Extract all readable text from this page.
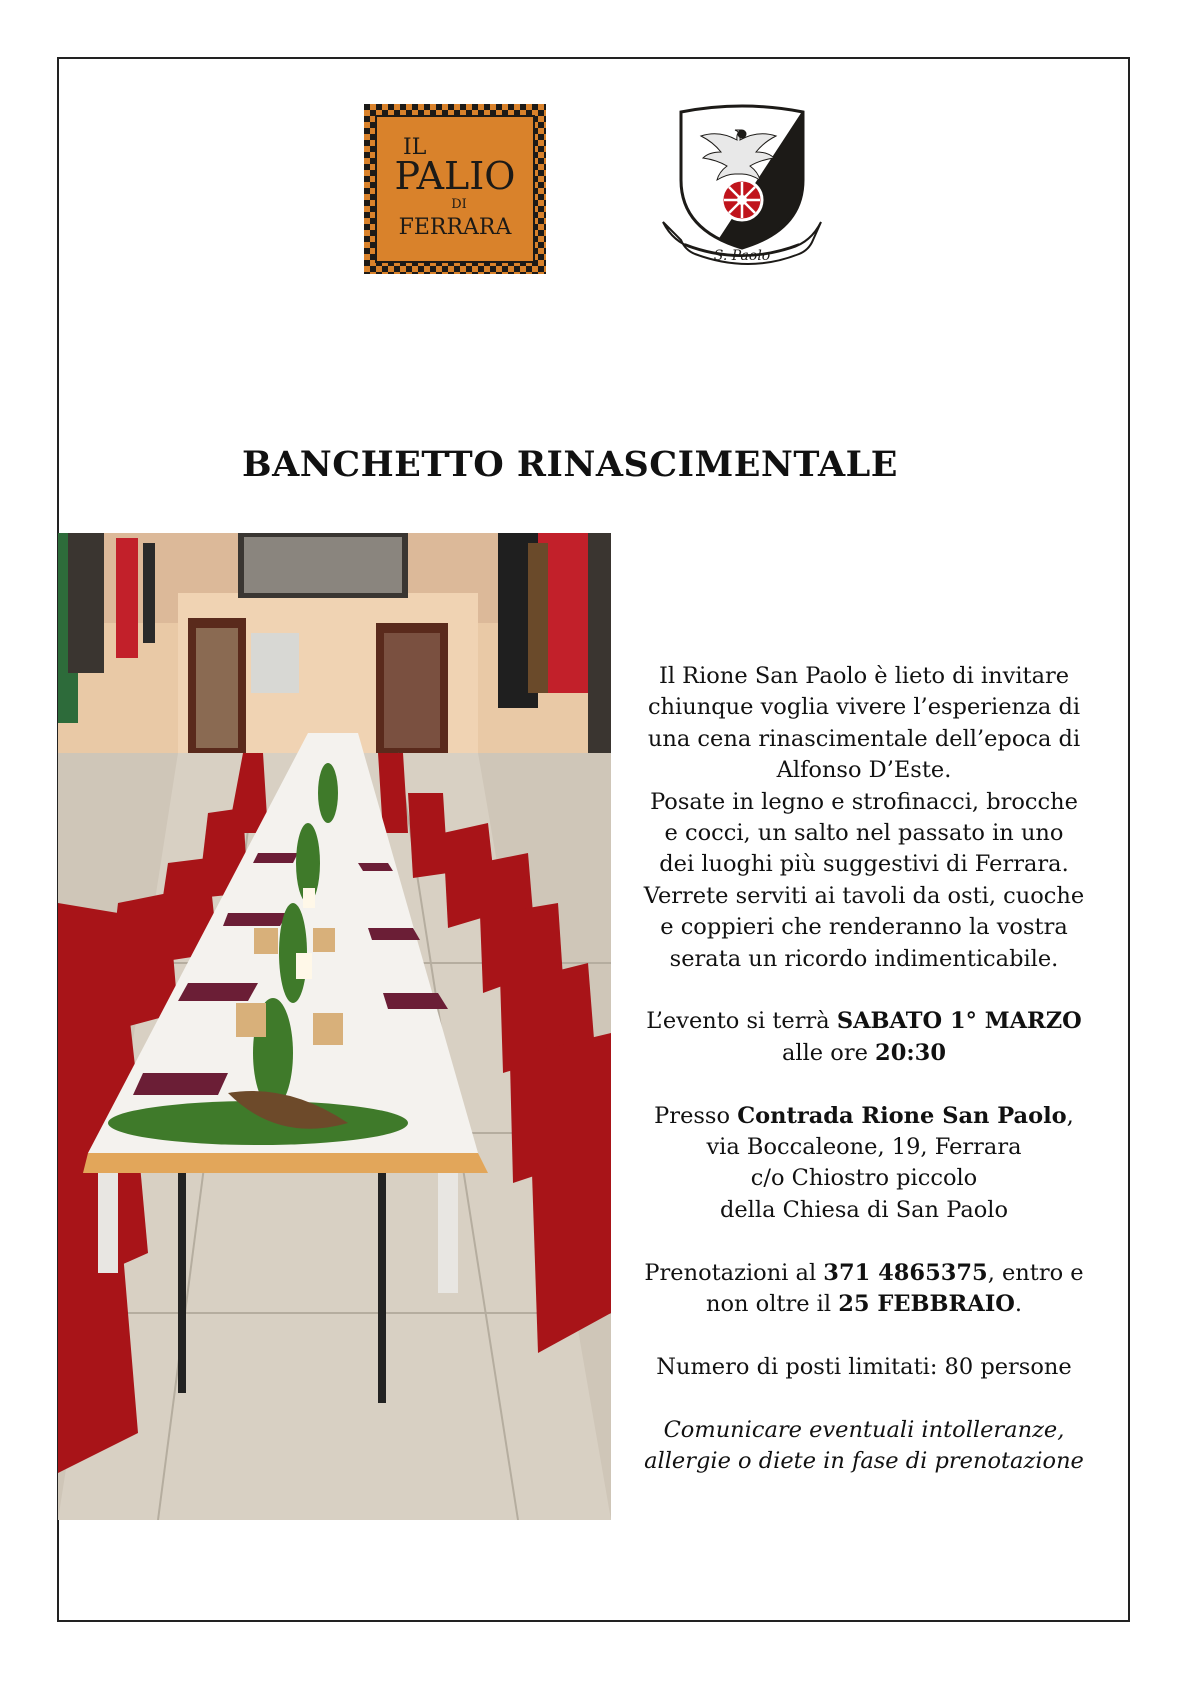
IL
PALIO
DI
FERRARA
S. Paolo
BANCHETTO RINASCIMENTALE

Il Rione San Paolo è lieto di invitare

chiunque voglia vivere l’esperienza di

una cena rinascimentale dell’epoca di

Alfonso D’Este.

Posate in legno e strofinacci, brocche

e cocci, un salto nel passato in uno

dei luoghi più suggestivi di Ferrara.

Verrete serviti ai tavoli da osti, cuoche

e coppieri che renderanno la vostra

serata un ricordo indimenticabile.

L’evento si terrà SABATO 1° MARZO

alle ore 20:30

Presso Contrada Rione San Paolo,

via Boccaleone, 19, Ferrara

c/o Chiostro piccolo

della Chiesa di San Paolo

Prenotazioni al 371 4865375, entro e

non oltre il 25 FEBBRAIO.

Numero di posti limitati: 80 persone

Comunicare eventuali intolleranze,

allergie o diete in fase di prenotazione
